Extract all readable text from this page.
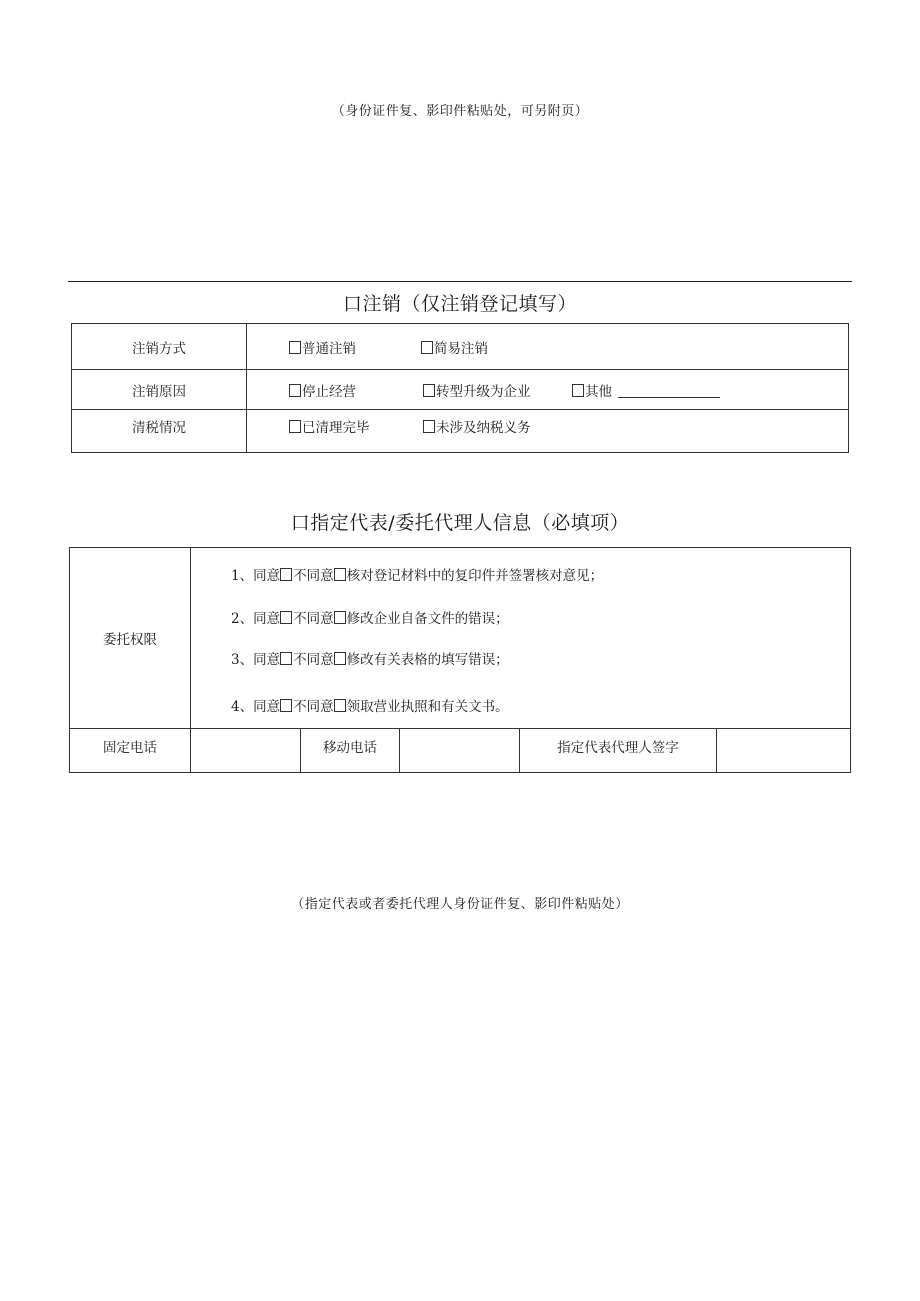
（身份证件复、影印件粘贴处，可另附页）
口注销（仅注销登记填写）
注销方式	普通注销 简易注销
注销原因	停止经营 转型升级为企业 其他
清税情况	已清理完毕 未涉及纳税义务
口指定代表/委托代理人信息（必填项）
委托权限	1、同意 不同意 核对登记材料中的复印件并签署核对意见；
2、同意 不同意 修改企业自备文件的错误；
3、同意 不同意 修改有关表格的填写错误；
4、同意 不同意 领取营业执照和有关文书。				

固定电话		移动电话		指定代表代理人签字	
（指定代表或者委托代理人身份证件复、影印件粘贴处）
